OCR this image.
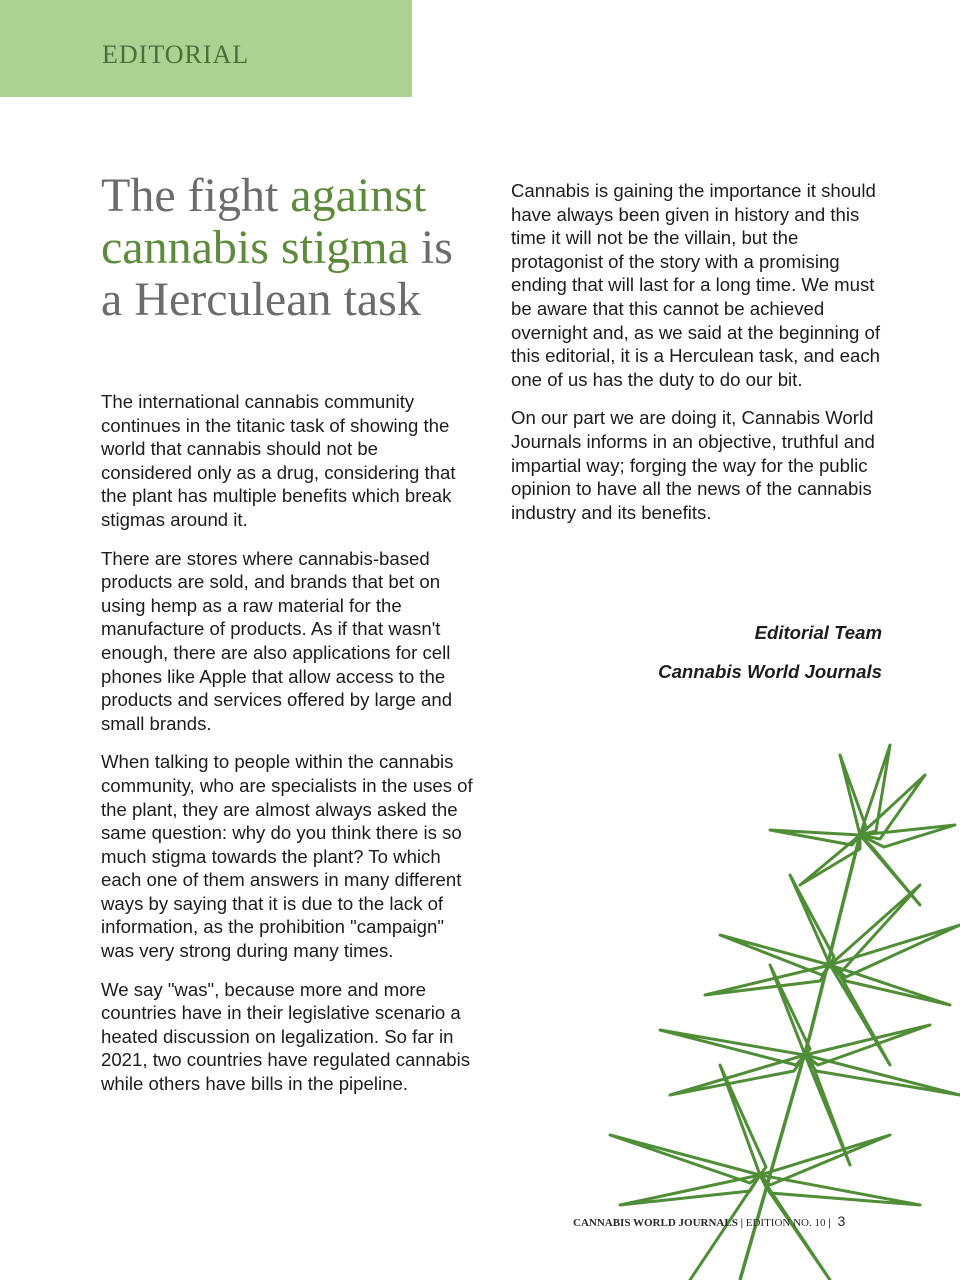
EDITORIAL
The fight against cannabis stigma is a Herculean task

The international cannabis community continues in the titanic task of showing the world that cannabis should not be considered only as a drug, considering that the plant has multiple benefits which break stigmas around it.

There are stores where cannabis-based products are sold, and brands that bet on using hemp as a raw material for the manufacture of products. As if that wasn't enough, there are also applications for cell phones like Apple that allow access to the products and services offered by large and small brands.

When talking to people within the cannabis community, who are specialists in the uses of the plant, they are almost always asked the same question: why do you think there is so much stigma towards the plant? To which each one of them answers in many different ways by saying that it is due to the lack of information, as the prohibition "campaign" was very strong during many times.

We say "was", because more and more countries have in their legislative scenario a heated discussion on legalization. So far in 2021, two countries have regulated cannabis while others have bills in the pipeline.

Cannabis is gaining the importance it should have always been given in history and this time it will not be the villain, but the protagonist of the story with a promising ending that will last for a long time. We must be aware that this cannot be achieved overnight and, as we said at the beginning of this editorial, it is a Herculean task, and each one of us has the duty to do our bit.

On our part we are doing it, Cannabis World Journals informs in an objective, truthful and impartial way; forging the way for the public opinion to have all the news of the cannabis industry and its benefits.

Editorial Team
Cannabis World Journals
CANNABIS WORLD JOURNALS | EDITION NO. 10 | 3
